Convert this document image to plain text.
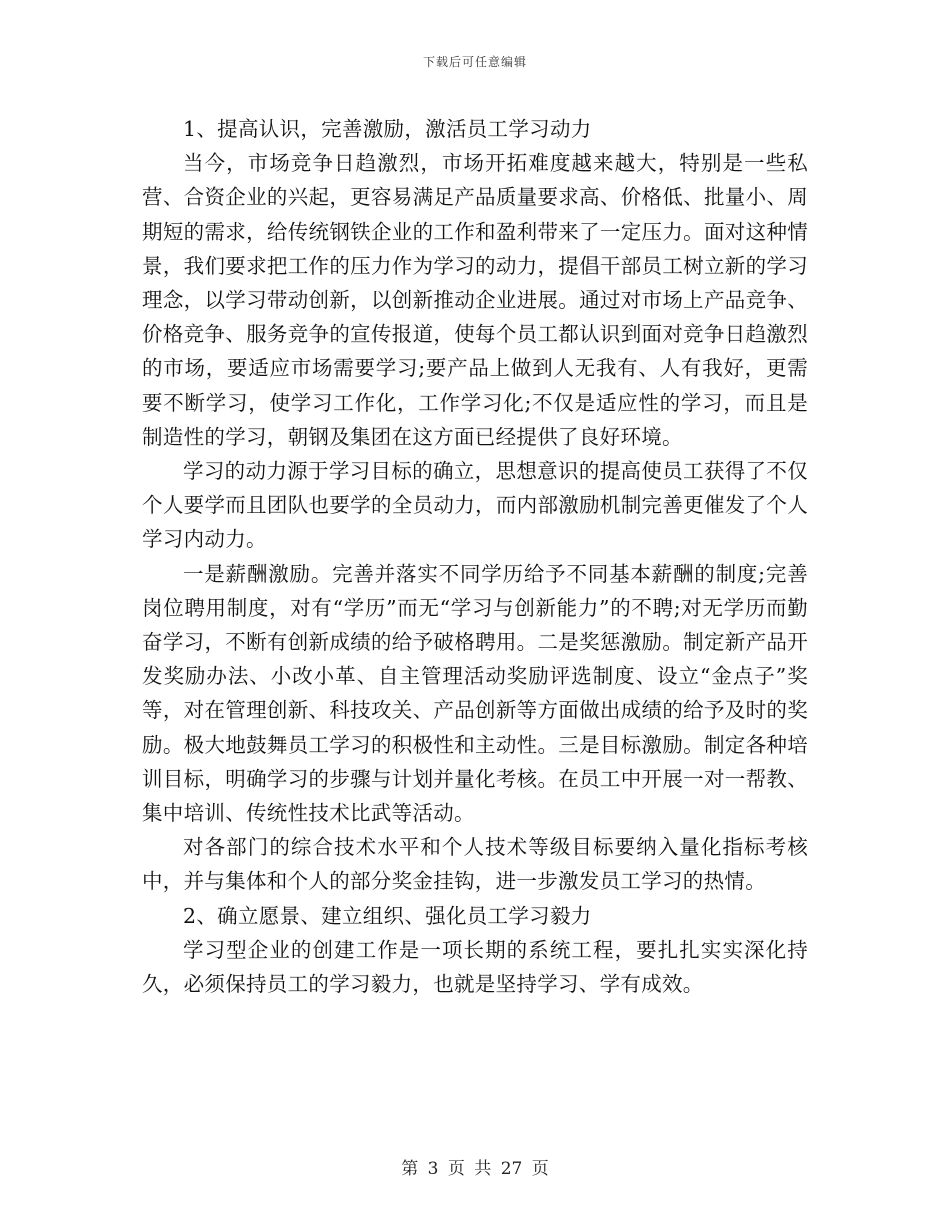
下载后可任意编辑

1、提高认识，完善激励，激活员工学习动力

当今，市场竞争日趋激烈，市场开拓难度越来越大，特别是一些私营、合资企业的兴起，更容易满足产品质量要求高、价格低、批量小、周期短的需求，给传统钢铁企业的工作和盈利带来了一定压力。面对这种情景，我们要求把工作的压力作为学习的动力，提倡干部员工树立新的学习理念，以学习带动创新，以创新推动企业进展。通过对市场上产品竞争、价格竞争、服务竞争的宣传报道，使每个员工都认识到面对竞争日趋激烈的市场，要适应市场需要学习;要产品上做到人无我有、人有我好，更需要不断学习，使学习工作化，工作学习化;不仅是适应性的学习，而且是制造性的学习，朝钢及集团在这方面已经提供了良好环境。

学习的动力源于学习目标的确立，思想意识的提高使员工获得了不仅个人要学而且团队也要学的全员动力，而内部激励机制完善更催发了个人学习内动力。

一是薪酬激励。完善并落实不同学历给予不同基本薪酬的制度;完善岗位聘用制度，对有“学历”而无“学习与创新能力”的不聘;对无学历而勤奋学习，不断有创新成绩的给予破格聘用。二是奖惩激励。制定新产品开发奖励办法、小改小革、自主管理活动奖励评选制度、设立“金点子”奖等，对在管理创新、科技攻关、产品创新等方面做出成绩的给予及时的奖励。极大地鼓舞员工学习的积极性和主动性。三是目标激励。制定各种培训目标，明确学习的步骤与计划并量化考核。在员工中开展一对一帮教、集中培训、传统性技术比武等活动。

对各部门的综合技术水平和个人技术等级目标要纳入量化指标考核中，并与集体和个人的部分奖金挂钩，进一步激发员工学习的热情。

2、确立愿景、建立组织、强化员工学习毅力

学习型企业的创建工作是一项长期的系统工程，要扎扎实实深化持久，必须保持员工的学习毅力，也就是坚持学习、学有成效。

第 3 页 共 27 页
